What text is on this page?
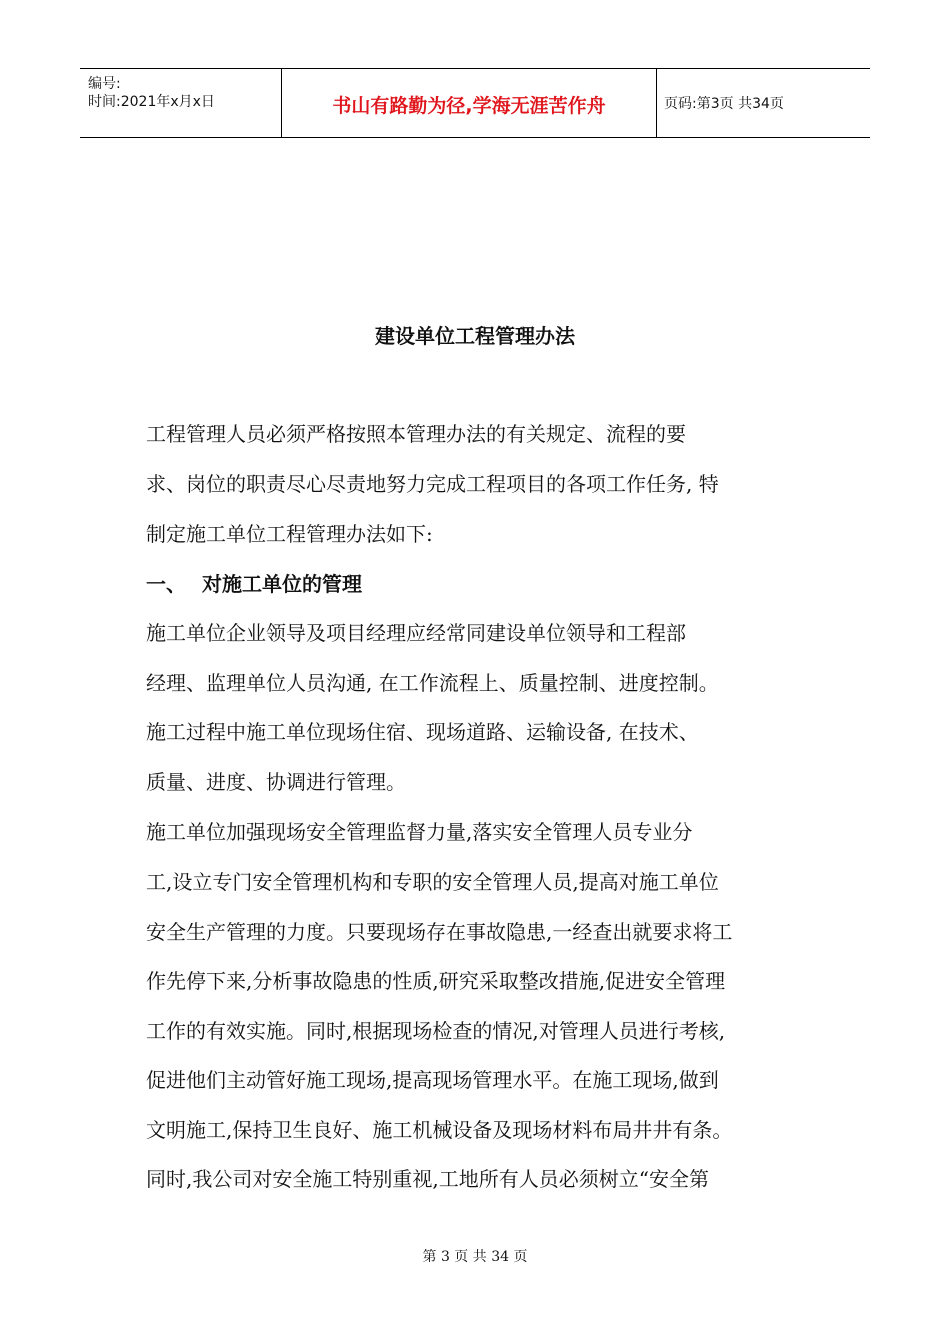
编号:
时间:2021年x月x日	书山有路勤为径,学海无涯苦作舟	页码:第3页 共34页
建设单位工程管理办法
工程管理人员必须严格按照本管理办法的有关规定、流程的要
求、岗位的职责尽心尽责地努力完成工程项目的各项工作任务, 特
制定施工单位工程管理办法如下:
一、 对施工单位的管理
施工单位企业领导及项目经理应经常同建设单位领导和工程部
经理、监理单位人员沟通, 在工作流程上、质量控制、进度控制。
施工过程中施工单位现场住宿、现场道路、运输设备, 在技术、
质量、进度、协调进行管理。
施工单位加强现场安全管理监督力量,落实安全管理人员专业分
工,设立专门安全管理机构和专职的安全管理人员,提高对施工单位
安全生产管理的力度。只要现场存在事故隐患,一经查出就要求将工
作先停下来,分析事故隐患的性质,研究采取整改措施,促进安全管理
工作的有效实施。同时,根据现场检查的情况,对管理人员进行考核,
促进他们主动管好施工现场,提高现场管理水平。在施工现场,做到
文明施工,保持卫生良好、施工机械设备及现场材料布局井井有条。
同时,我公司对安全施工特别重视,工地所有人员必须树立“安全第
第 3 页 共 34 页
